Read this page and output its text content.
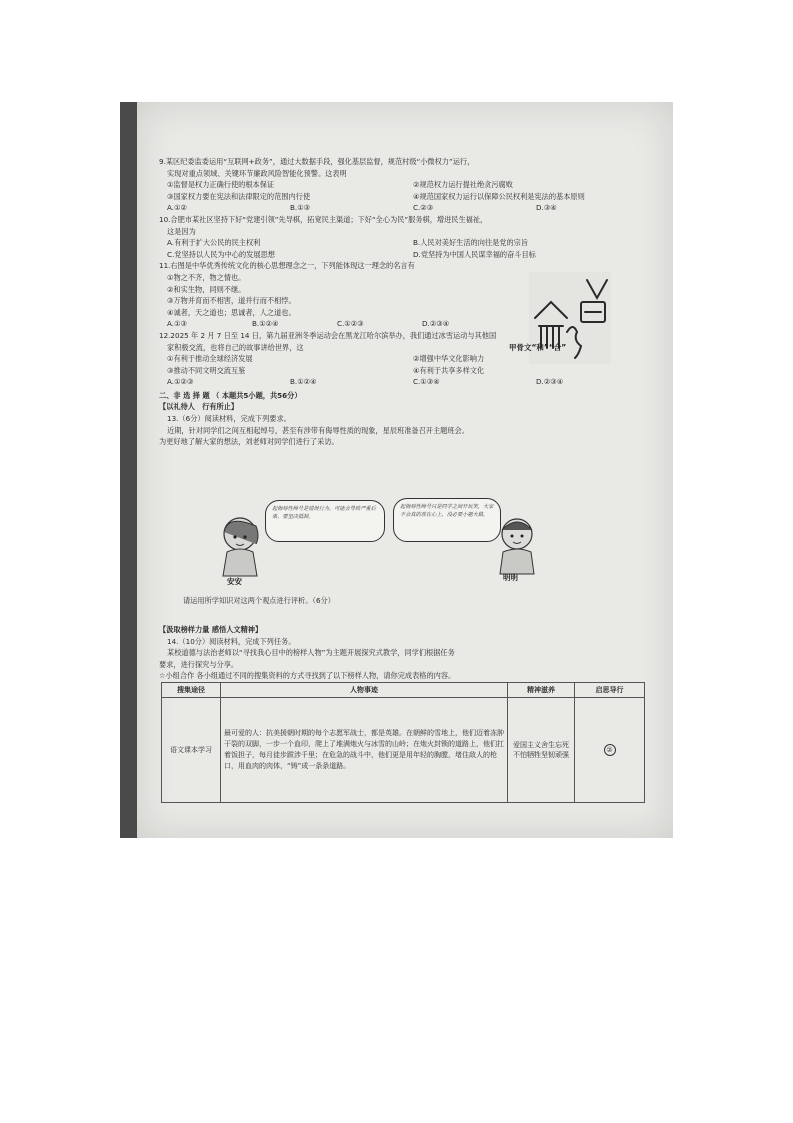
9.某区纪委监委运用“互联网+政务”，通过大数据手段，强化基层监督，规范村级“小微权力”运行，
实现对重点领域、关键环节廉政风险智能化预警。这表明
①监督是权力正确行使的根本保证	②规范权力运行提社绝贪污腐败
③国家权力要在宪法和法律限定的范围内行使	④规范国家权力运行以保障公民权利是宪法的基本原则
A.①②	B.①③	C.②③	D.③④
10.合肥市某社区坚持下好“党建引领”先导棋，拓宽民主渠道；下好“全心为民”服务棋，增进民生福祉，
这是因为
A.有利于扩大公民的民主权利	B.人民对美好生活的向往是党的宗旨
C.党坚持以人民为中心的发展思想	D.党坚持为中国人民谋幸福的奋斗目标
11.右图是中华优秀传统文化的核心思想理念之一，下列能体现这一理念的名言有
①物之不齐，物之情也。
②和实生物，同则不继。
③万物并育而不相害，道并行而不相悖。
④诚者，天之道也；思诚者，人之道也。
A.①③	B.①②④	C.①②③	D.②③④
12.2025 年 2 月 7 日至 14 日，第九届亚洲冬季运动会在黑龙江哈尔滨举办，我们通过冰雪运动与其他国
家积极交流，也将自己的故事讲给世界，这
①有利于推动全球经济发展	②增强中华文化影响力
③推动不同文明交流互鉴	④有利于共享多样文化
A.①②③	B.①②④	C.①③④	D.②③④
二、非 选 择 题 （ 本题共5小题，共56分）
【以礼待人　行有所止】
13.（6分）阅读材料，完成下列要求。
近期，针对同学们之间互相起绰号，甚至有涉带有侮辱性质的现象，星辰班准备召开主题班会。
为更好地了解大家的想法，刘老师对同学们进行了采访。
甲骨文“和”“合”
起侮辱性绰号是错误行为，可能会导致严重后果，要坚决抵制。
起侮辱性绰号只是同学之间开玩笑，大家不会真的放在心上，没必要小题大做。
安安	明明
请运用所学知识对这两个观点进行评析。（6分）
【汲取榜样力量 感悟人文精神】
14.（10分）阅读材料，完成下列任务。
某校道德与法治老师以“寻找我心目中的榜样人物”为主题开展探究式教学，同学们根据任务
要求，进行探究与分享。
☆小组合作 各小组通过不同的搜集资料的方式寻找到了以下榜样人物，请你完成表格的内容。
搜集途径	人物事迹	精神滋养	启思导行
语文课本学习	最可爱的人：抗美援朝时期的每个志愿军战士，都是英雄。在朝鲜的雪地上，他们迈着冻肿干裂的双脚，一步一个血印，爬上了堆满炮火与冰雪的山岭；在炮火封锁的道路上，他们扛着饭担子，每月徒步跋涉千里；在危急的战斗中，他们更是用年轻的胸膛，堵住敌人的枪口，用血肉的肉体，“铸”成一条条道路。	爱国主义舍生忘死不怕牺牲坚韧顽强	②
